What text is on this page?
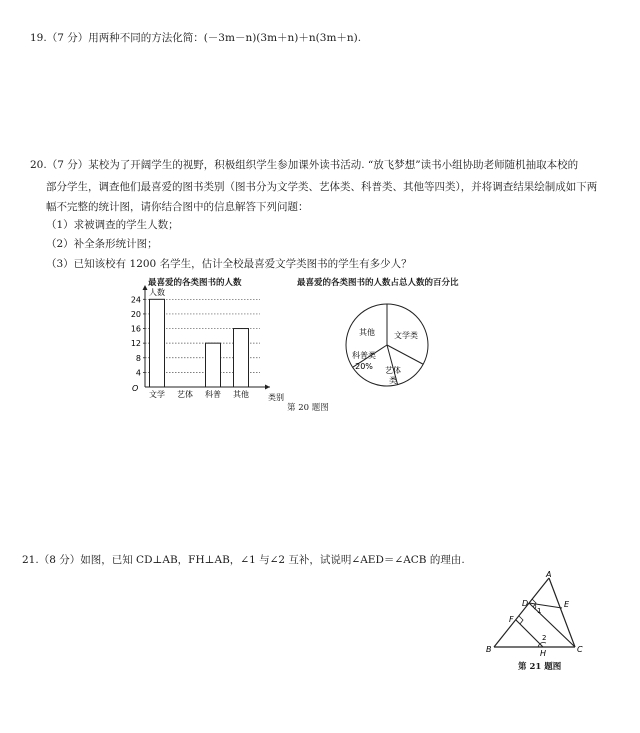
19.（7 分）用两种不同的方法化简：(－3m－n)(3m＋n)＋n(3m＋n).
20.（7 分）某校为了开阔学生的视野，积极组织学生参加课外读书活动. “放飞梦想”读书小组协助老师随机抽取本校的
部分学生，调查他们最喜爱的图书类别（图书分为文学类、艺体类、科普类、其他等四类），并将调查结果绘制成如下两
幅不完整的统计图，请你结合图中的信息解答下列问题：
（1）求被调查的学生人数；
（2）补全条形统计图；
（3）已知该校有 1200 名学生，估计全校最喜爱文学类图书的学生有多少人？
最喜爱的各类图书的人数	最喜爱的各类图书的人数占总人数的百分比
4
8
12
16
20
24
人数
类别
O
文学 艺体 科普 其他
文学类
艺体
类
科普类
其他
20%
第 20 题图
21.（8 分）如图，已知 CD⊥AB，FH⊥AB，∠1 与∠2 互补，试说明∠AED＝∠ACB 的理由.
A
D	E
1
F
2
B	H	C
第 21 题图
